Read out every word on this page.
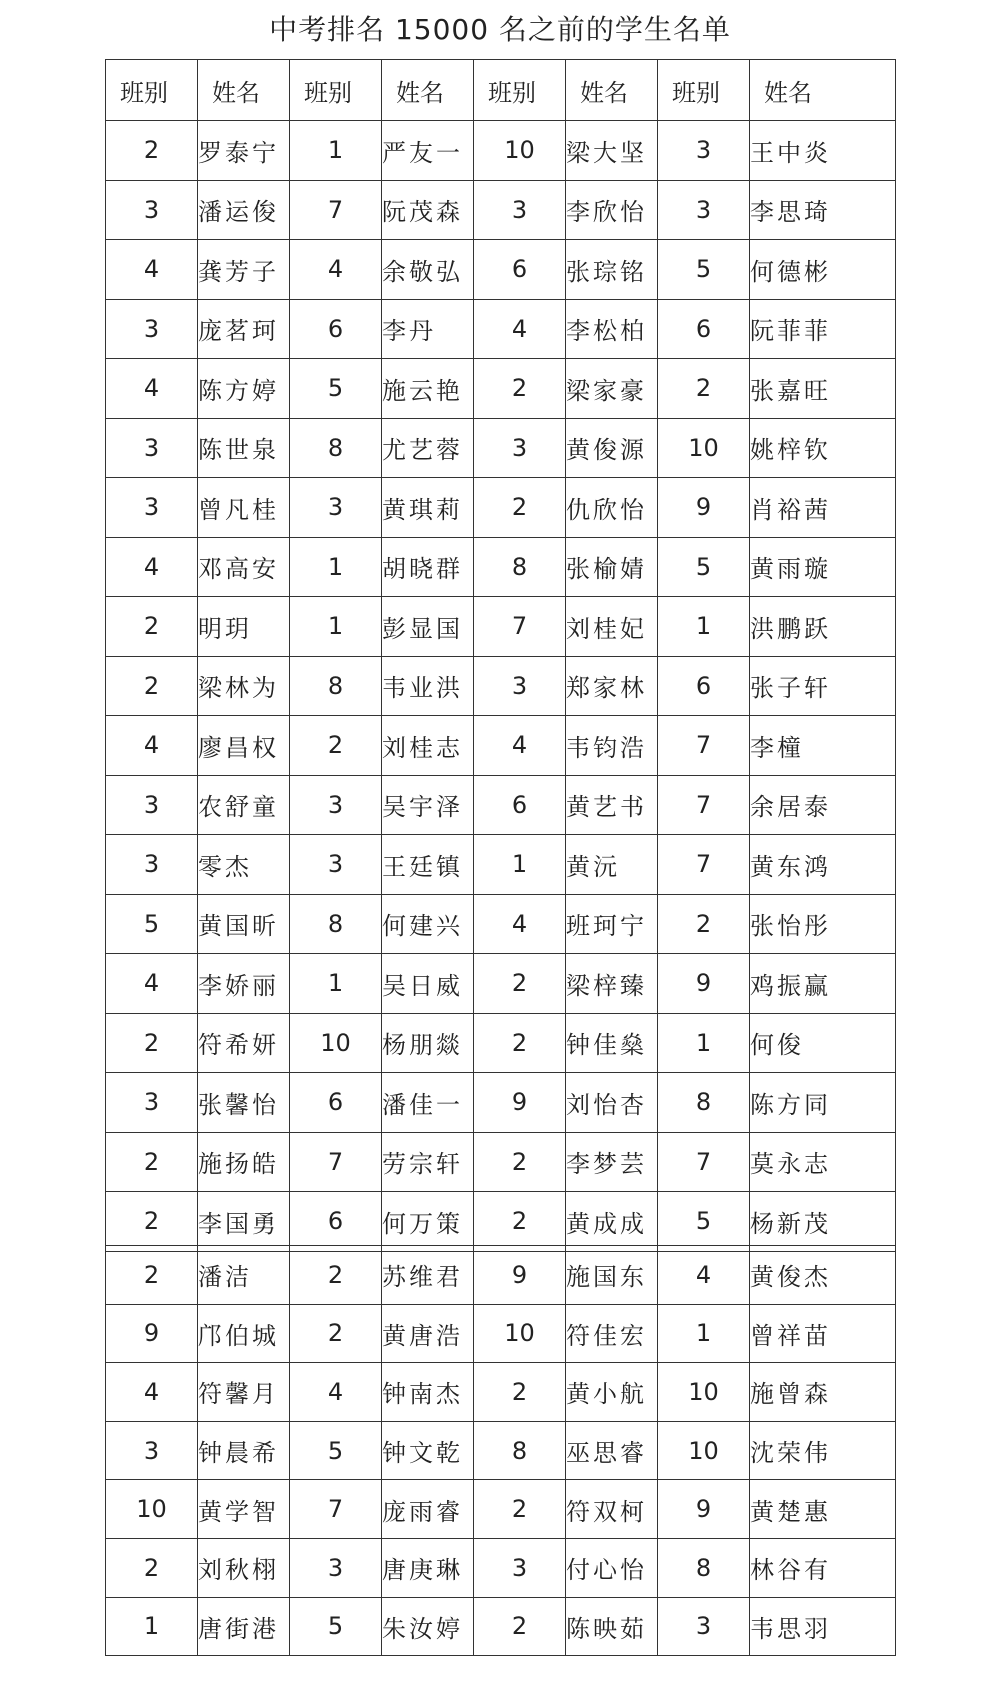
中考排名 15000 名之前的学生名单
班别	姓名	班别	姓名	班别	姓名	班别	姓名
2	罗泰宁	1	严友一	10	梁大坚	3	王中炎
3	潘运俊	7	阮茂森	3	李欣怡	3	李思琦
4	龚芳子	4	余敬弘	6	张琮铭	5	何德彬
3	庞茗珂	6	李丹	4	李松柏	6	阮菲菲
4	陈方婷	5	施云艳	2	梁家豪	2	张嘉旺
3	陈世泉	8	尤艺蓉	3	黄俊源	10	姚梓钦
3	曾凡桂	3	黄琪莉	2	仇欣怡	9	肖裕茜
4	邓高安	1	胡晓群	8	张榆婧	5	黄雨璇
2	明玥	1	彭显国	7	刘桂妃	1	洪鹏跃
2	梁林为	8	韦业洪	3	郑家林	6	张子轩
4	廖昌权	2	刘桂志	4	韦钧浩	7	李橦
3	农舒童	3	吴宇泽	6	黄艺书	7	余居泰
3	零杰	3	王廷镇	1	黄沅	7	黄东鸿
5	黄国昕	8	何建兴	4	班珂宁	2	张怡彤
4	李娇丽	1	吴日威	2	梁梓臻	9	鸡振赢
2	符希妍	10	杨朋燚	2	钟佳燊	1	何俊
3	张馨怡	6	潘佳一	9	刘怡杏	8	陈方同
2	施扬皓	7	劳宗轩	2	李梦芸	7	莫永志
2	李国勇	6	何万策	2	黄成成	5	杨新茂
2	潘洁	2	苏维君	9	施国东	4	黄俊杰
9	邝伯城	2	黄唐浩	10	符佳宏	1	曾祥苗
4	符馨月	4	钟南杰	2	黄小航	10	施曾森
3	钟晨希	5	钟文乾	8	巫思睿	10	沈荣伟
10	黄学智	7	庞雨睿	2	符双柯	9	黄楚惠
2	刘秋栩	3	唐庚琳	3	付心怡	8	林谷有
1	唐街港	5	朱汝婷	2	陈映茹	3	韦思羽
